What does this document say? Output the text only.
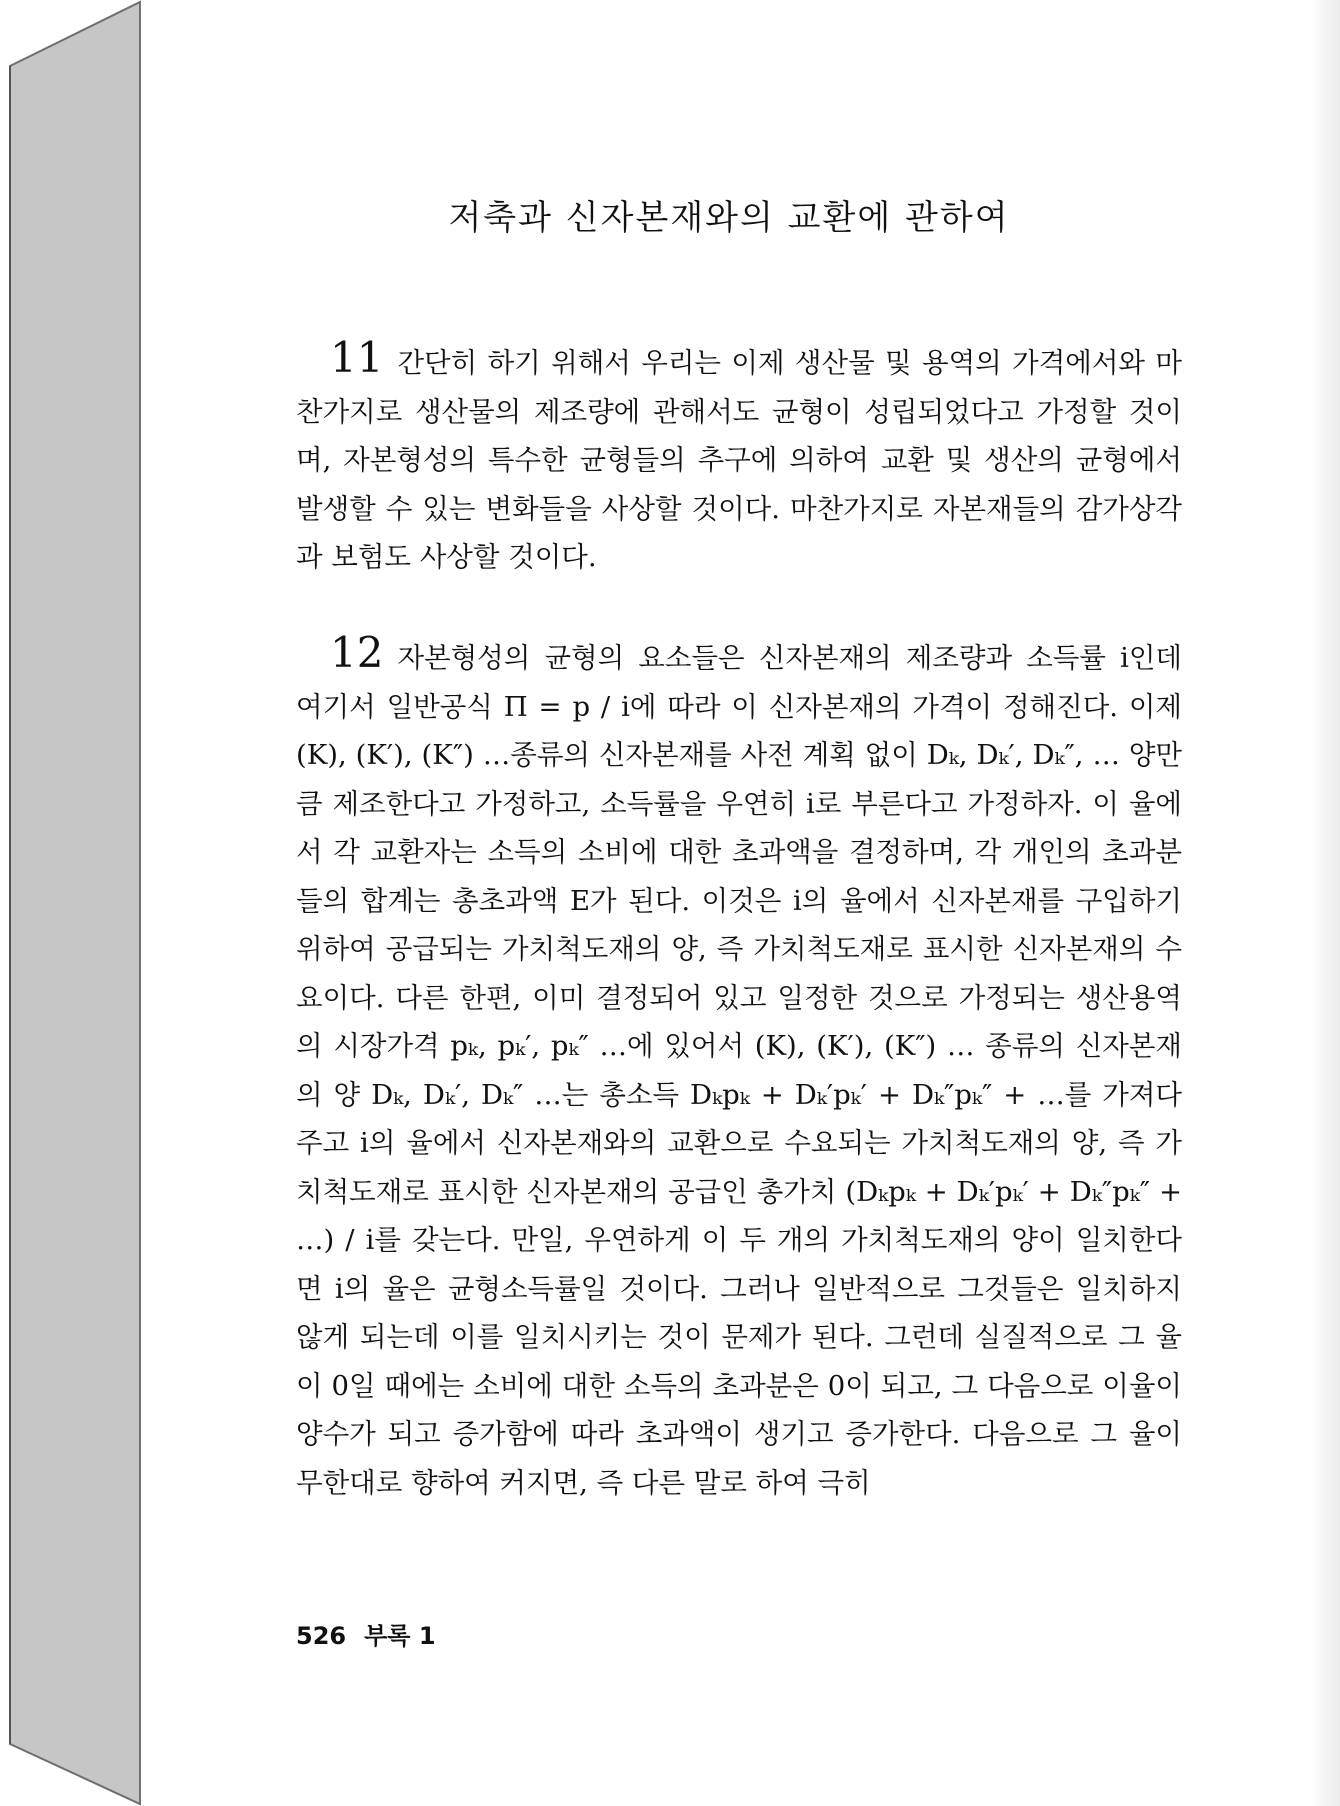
저축과 신자본재와의 교환에 관하여
11 간단히 하기 위해서 우리는 이제 생산물 및 용역의 가격에서와 마찬가지로 생산물의 제조량에 관해서도 균형이 성립되었다고 가정할 것이며, 자본형성의 특수한 균형들의 추구에 의하여 교환 및 생산의 균형에서 발생할 수 있는 변화들을 사상할 것이다. 마찬가지로 자본재들의 감가상각과 보험도 사상할 것이다.
12 자본형성의 균형의 요소들은 신자본재의 제조량과 소득률 i인데 여기서 일반공식 Π = p / i에 따라 이 신자본재의 가격이 정해진다. 이제 (K), (K′), (K″) …종류의 신자본재를 사전 계획 없이 Dₖ, Dₖ′, Dₖ″, … 양만큼 제조한다고 가정하고, 소득률을 우연히 i로 부른다고 가정하자. 이 율에서 각 교환자는 소득의 소비에 대한 초과액을 결정하며, 각 개인의 초과분들의 합계는 총초과액 E가 된다. 이것은 i의 율에서 신자본재를 구입하기 위하여 공급되는 가치척도재의 양, 즉 가치척도재로 표시한 신자본재의 수요이다. 다른 한편, 이미 결정되어 있고 일정한 것으로 가정되는 생산용역의 시장가격 pₖ, pₖ′, pₖ″ …에 있어서 (K), (K′), (K″) … 종류의 신자본재의 양 Dₖ, Dₖ′, Dₖ″ …는 총소득 Dₖpₖ + Dₖ′pₖ′ + Dₖ″pₖ″ + …를 가져다 주고 i의 율에서 신자본재와의 교환으로 수요되는 가치척도재의 양, 즉 가치척도재로 표시한 신자본재의 공급인 총가치 (Dₖpₖ + Dₖ′pₖ′ + Dₖ″pₖ″ + …) / i를 갖는다. 만일, 우연하게 이 두 개의 가치척도재의 양이 일치한다면 i의 율은 균형소득률일 것이다. 그러나 일반적으로 그것들은 일치하지 않게 되는데 이를 일치시키는 것이 문제가 된다. 그런데 실질적으로 그 율이 0일 때에는 소비에 대한 소득의 초과분은 0이 되고, 그 다음으로 이율이 양수가 되고 증가함에 따라 초과액이 생기고 증가한다. 다음으로 그 율이 무한대로 향하여 커지면, 즉 다른 말로 하여 극히
526 부록 1
